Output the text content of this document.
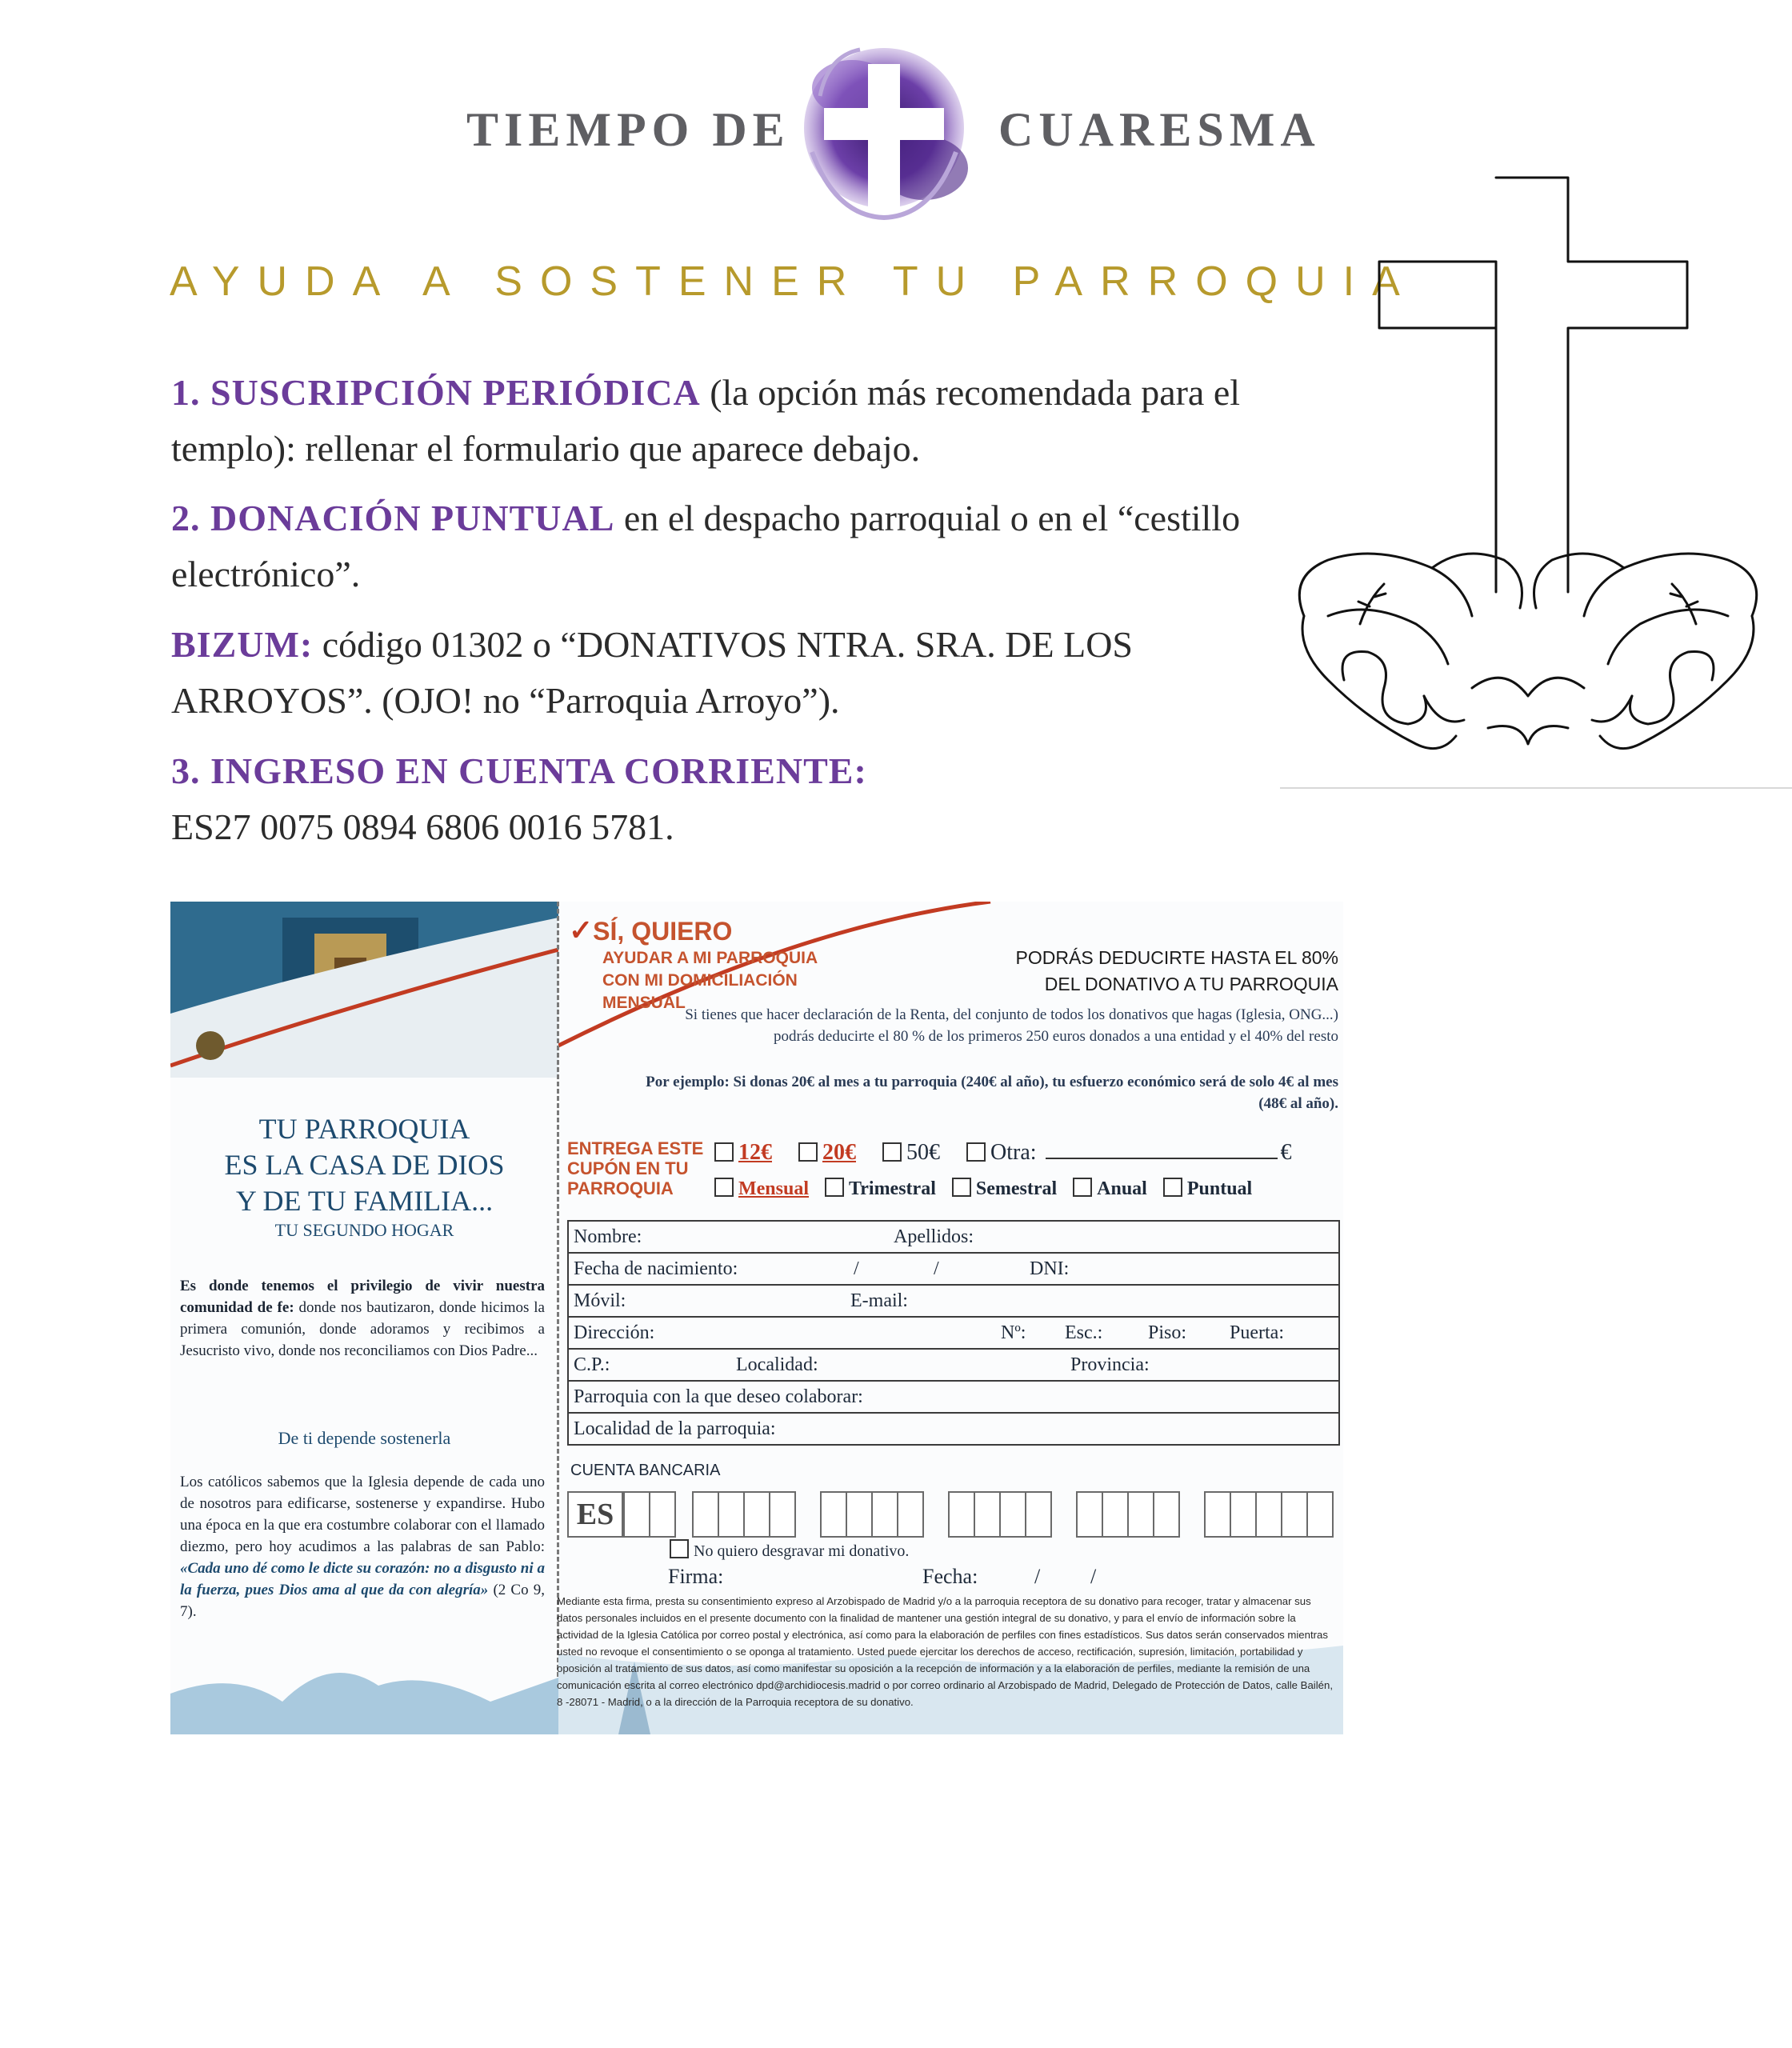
TIEMPO DE	CUARESMA
AYUDA A SOSTENER TU PARROQUIA
1. SUSCRIPCIÓN PERIÓDICA (la opción más recomendada para el templo): rellenar el formulario que aparece debajo.
2. DONACIÓN PUNTUAL en el despacho parroquial o en el “cestillo electrónico”.
BIZUM: código 01302 o “DONATIVOS NTRA. SRA. DE LOS ARROYOS”. (OJO! no “Parroquia Arroyo”).
3. INGRESO EN CUENTA CORRIENTE:
ES27 0075 0894 6806 0016 5781.
TU PARROQUIA
ES LA CASA DE DIOS
Y DE TU FAMILIA...
TU SEGUNDO HOGAR
Es donde tenemos el privilegio de vivir nuestra comunidad de fe: donde nos bautizaron, donde hicimos la primera comunión, donde adoramos y recibimos a Jesucristo vivo, donde nos reconciliamos con Dios Padre...
De ti depende sostenerla
Los católicos sabemos que la Iglesia depende de cada uno de nosotros para edificarse, sostenerse y expandirse. Hubo una época en la que era costumbre colaborar con el llamado diezmo, pero hoy acudimos a las palabras de san Pablo: «Cada uno dé como le dicte su corazón: no a disgusto ni a la fuerza, pues Dios ama al que da con alegría» (2 Co 9, 7).
✓SÍ, QUIERO
AYUDAR A MI PARROQUIA
CON MI DOMICILIACIÓN
MENSUAL
PODRÁS DEDUCIRTE HASTA EL 80%
DEL DONATIVO A TU PARROQUIA
Si tienes que hacer declaración de la Renta, del conjunto de todos los donativos que hagas (Iglesia, ONG...) podrás deducirte el 80 % de los primeros 250 euros donados a una entidad y el 40% del resto
Por ejemplo: Si donas 20€ al mes a tu parroquia (240€ al año), tu esfuerzo económico será de solo 4€ al mes (48€ al año).
ENTREGA ESTE
CUPÓN EN TU
PARROQUIA
12€ 20€ 50€ Otra:	€
Mensual Trimestral Semestral Anual Puntual
Nombre:	Apellidos:
Fecha de nacimiento:	/	/	DNI:
Móvil:	E-mail:
Dirección:	Nº: Esc.: Piso: Puerta:
C.P.:	Localidad:	Provincia:
Parroquia con la que deseo colaborar:
Localidad de la parroquia:
CUENTA BANCARIA
ES
No quiero desgravar mi donativo.
Firma:	Fecha:	/ /
Mediante esta firma, presta su consentimiento expreso al Arzobispado de Madrid y/o a la parroquia receptora de su donativo para recoger, tratar y almacenar sus datos personales incluidos en el presente documento con la finalidad de mantener una gestión integral de su donativo, y para el envío de información sobre la actividad de la Iglesia Católica por correo postal y electrónica, así como para la elaboración de perfiles con fines estadísticos. Sus datos serán conservados mientras usted no revoque el consentimiento o se oponga al tratamiento. Usted puede ejercitar los derechos de acceso, rectificación, supresión, limitación, portabilidad y oposición al tratamiento de sus datos, así como manifestar su oposición a la recepción de información y a la elaboración de perfiles, mediante la remisión de una comunicación escrita al correo electrónico dpd@archidiocesis.madrid o por correo ordinario al Arzobispado de Madrid, Delegado de Protección de Datos, calle Bailén, 8 -28071 - Madrid, o a la dirección de la Parroquia receptora de su donativo.
